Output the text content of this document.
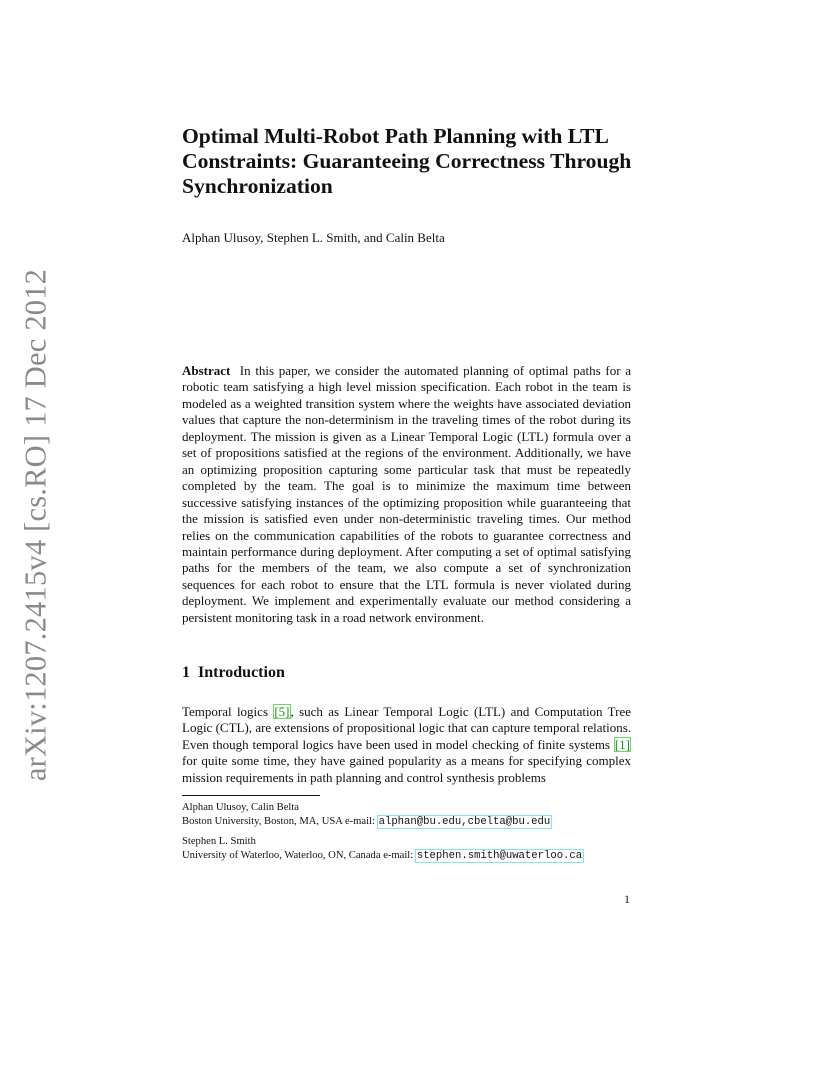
arXiv:1207.2415v4 [cs.RO] 17 Dec 2012
Optimal Multi-Robot Path Planning with LTL Constraints: Guaranteeing Correctness Through Synchronization
Alphan Ulusoy, Stephen L. Smith, and Calin Belta

Abstract In this paper, we consider the automated planning of optimal paths for a robotic team satisfying a high level mission specification. Each robot in the team is modeled as a weighted transition system where the weights have associated deviation values that capture the non-determinism in the traveling times of the robot during its deployment. The mission is given as a Linear Temporal Logic (LTL) formula over a set of propositions satisfied at the regions of the environment. Additionally, we have an optimizing proposition capturing some particular task that must be repeatedly completed by the team. The goal is to minimize the maximum time between successive satisfying instances of the optimizing proposition while guaranteeing that the mission is satisfied even under non-deterministic traveling times. Our method relies on the communication capabilities of the robots to guarantee correctness and maintain performance during deployment. After computing a set of optimal satisfying paths for the members of the team, we also compute a set of synchronization sequences for each robot to ensure that the LTL formula is never violated during deployment. We implement and experimentally evaluate our method considering a persistent monitoring task in a road network environment.

1 Introduction

Temporal logics [5], such as Linear Temporal Logic (LTL) and Computation Tree Logic (CTL), are extensions of propositional logic that can capture temporal relations. Even though temporal logics have been used in model checking of finite systems [1] for quite some time, they have gained popularity as a means for specifying complex mission requirements in path planning and control synthesis problems

Alphan Ulusoy, Calin Belta
Boston University, Boston, MA, USA e-mail: alphan@bu.edu,cbelta@bu.edu
Stephen L. Smith
University of Waterloo, Waterloo, ON, Canada e-mail: stephen.smith@uwaterloo.ca
1
